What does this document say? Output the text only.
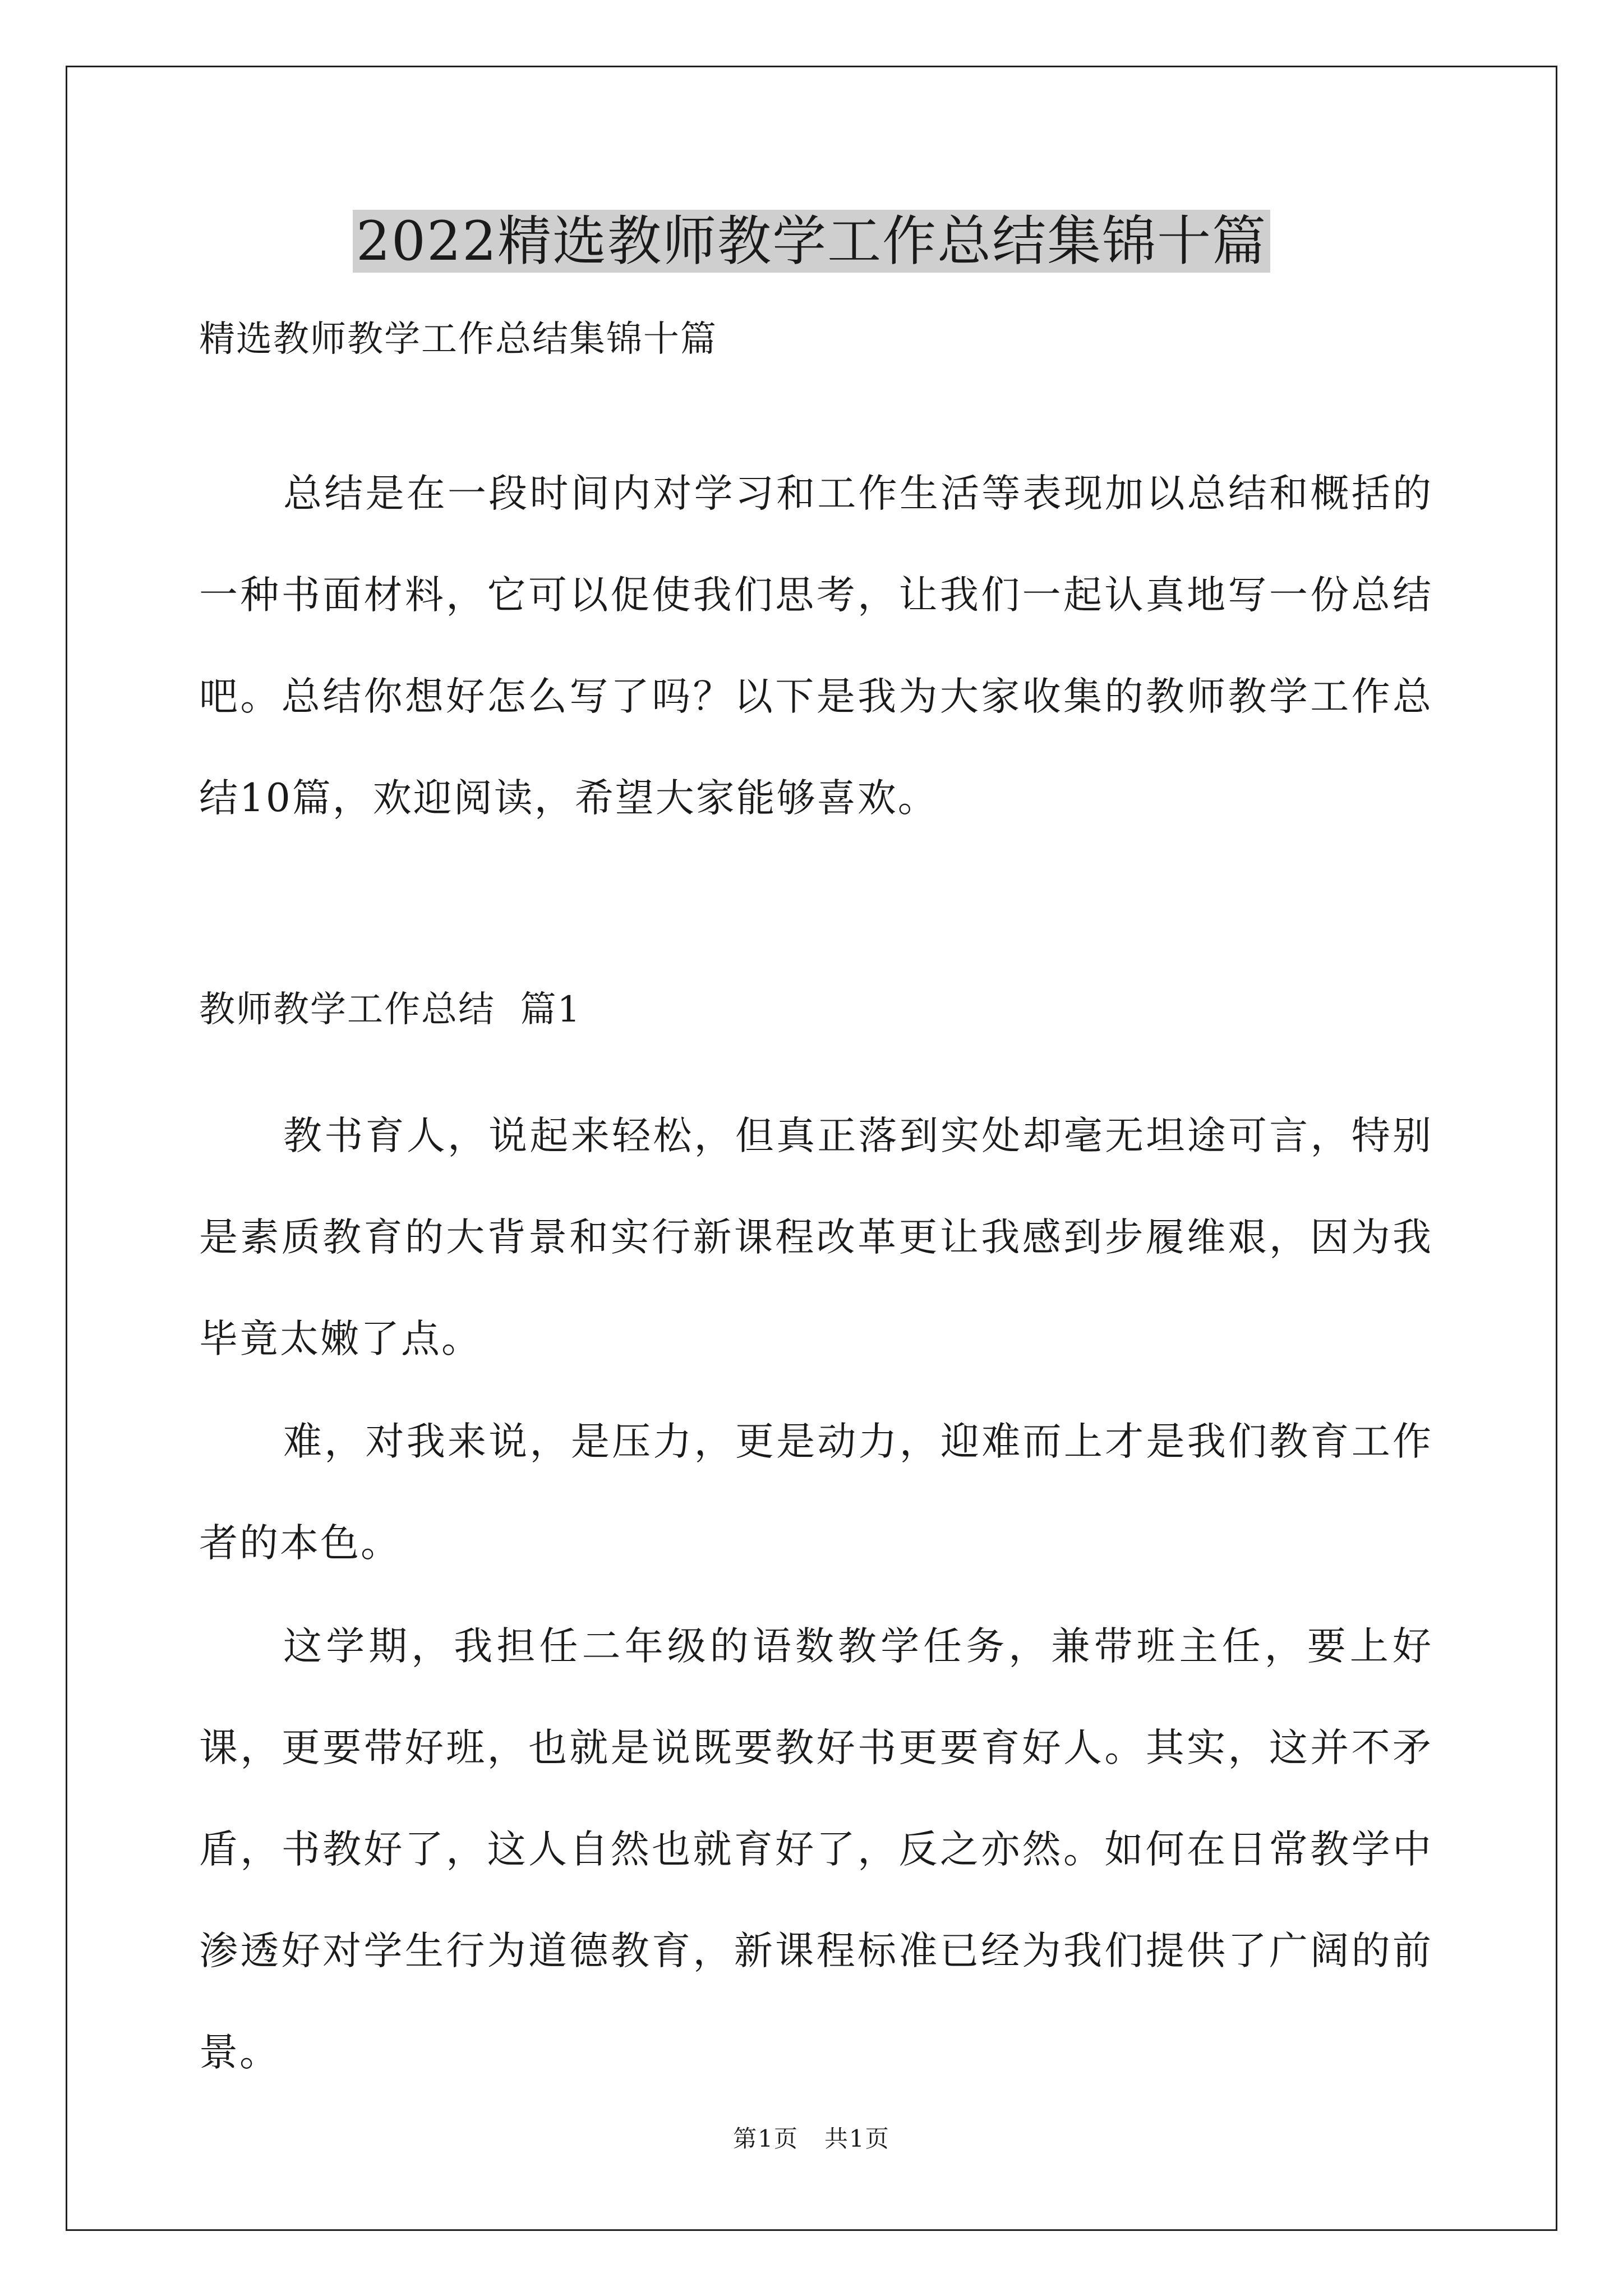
2022精选教师教学工作总结集锦十篇
精选教师教学工作总结集锦十篇
总结是在一段时间内对学习和工作生活等表现加以总结和概括的一种书面材料，它可以促使我们思考，让我们一起认真地写一份总结吧。总结你想好怎么写了吗？以下是我为大家收集的教师教学工作总结10篇，欢迎阅读，希望大家能够喜欢。
教师教学工作总结  篇1
教书育人，说起来轻松，但真正落到实处却毫无坦途可言，特别是素质教育的大背景和实行新课程改革更让我感到步履维艰，因为我毕竟太嫩了点。
难，对我来说，是压力，更是动力，迎难而上才是我们教育工作者的本色。
这学期，我担任二年级的语数教学任务，兼带班主任，要上好课，更要带好班，也就是说既要教好书更要育好人。其实，这并不矛盾，书教好了，这人自然也就育好了，反之亦然。如何在日常教学中渗透好对学生行为道德教育，新课程标准已经为我们提供了广阔的前景。
第1页   共1页
